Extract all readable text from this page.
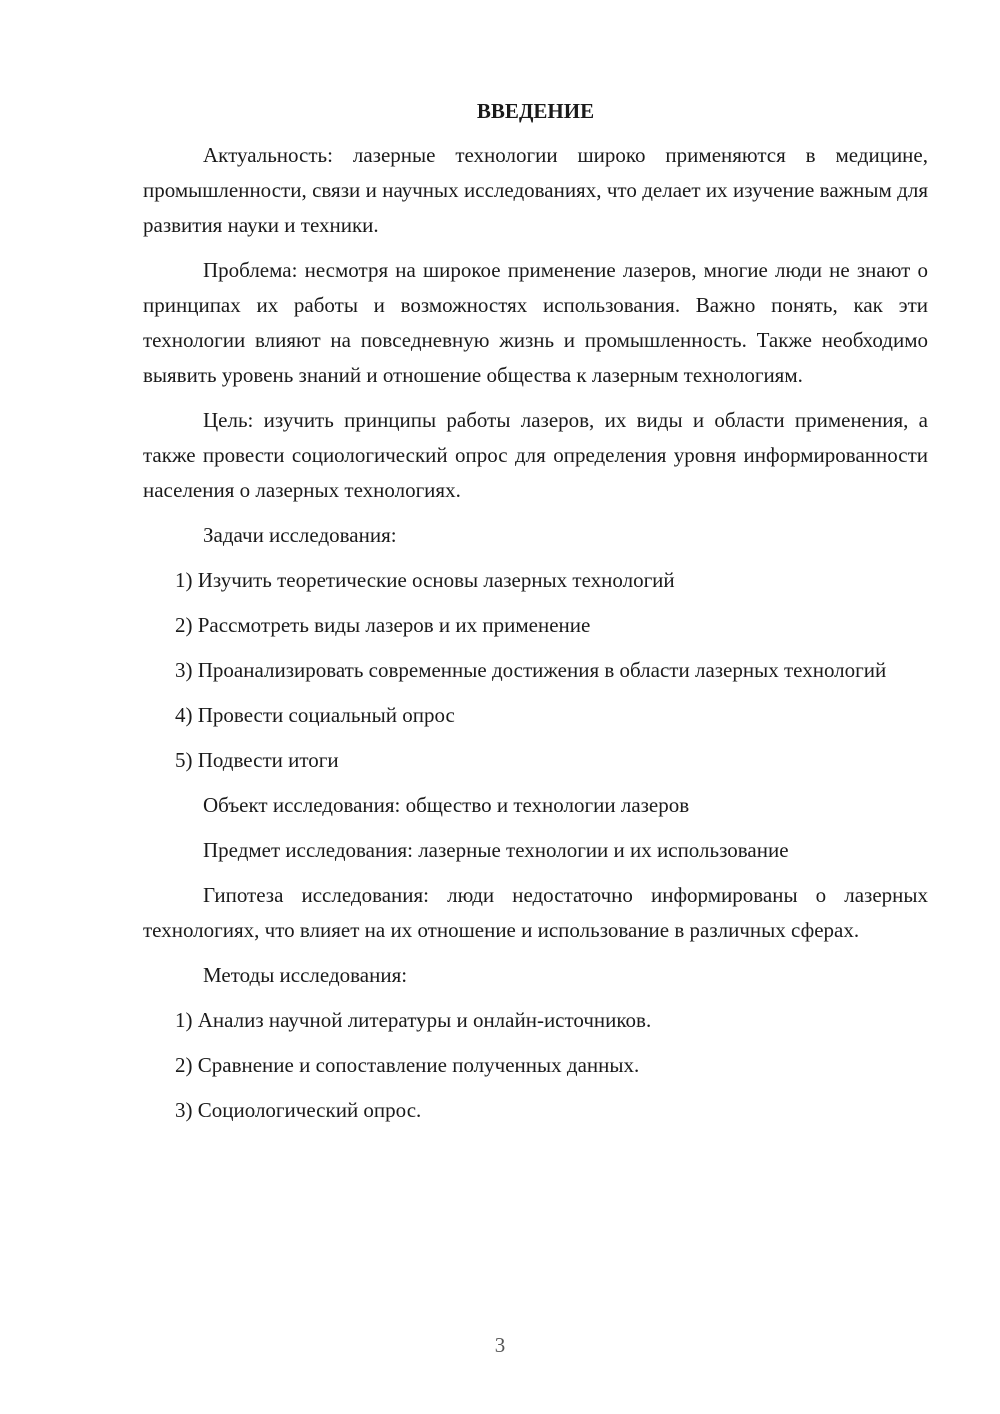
ВВЕДЕНИЕ

Актуальность: лазерные технологии широко применяются в медицине, промышленности, связи и научных исследованиях, что делает их изучение важным для развития науки и техники.

Проблема: несмотря на широкое применение лазеров, многие люди не знают о принципах их работы и возможностях использования. Важно понять, как эти технологии влияют на повседневную жизнь и промышленность. Также необходимо выявить уровень знаний и отношение общества к лазерным технологиям.

Цель: изучить принципы работы лазеров, их виды и области применения, а также провести социологический опрос для определения уровня информированности населения о лазерных технологиях.

Задачи исследования:

1) Изучить теоретические основы лазерных технологий

2) Рассмотреть виды лазеров и их применение

3) Проанализировать современные достижения в области лазерных технологий

4) Провести социальный опрос

5) Подвести итоги

Объект исследования: общество и технологии лазеров

Предмет исследования: лазерные технологии и их использование

Гипотеза исследования: люди недостаточно информированы о лазерных технологиях, что влияет на их отношение и использование в различных сферах.

Методы исследования:

1) Анализ научной литературы и онлайн-источников.

2) Сравнение и сопоставление полученных данных.

3) Социологический опрос.

3
